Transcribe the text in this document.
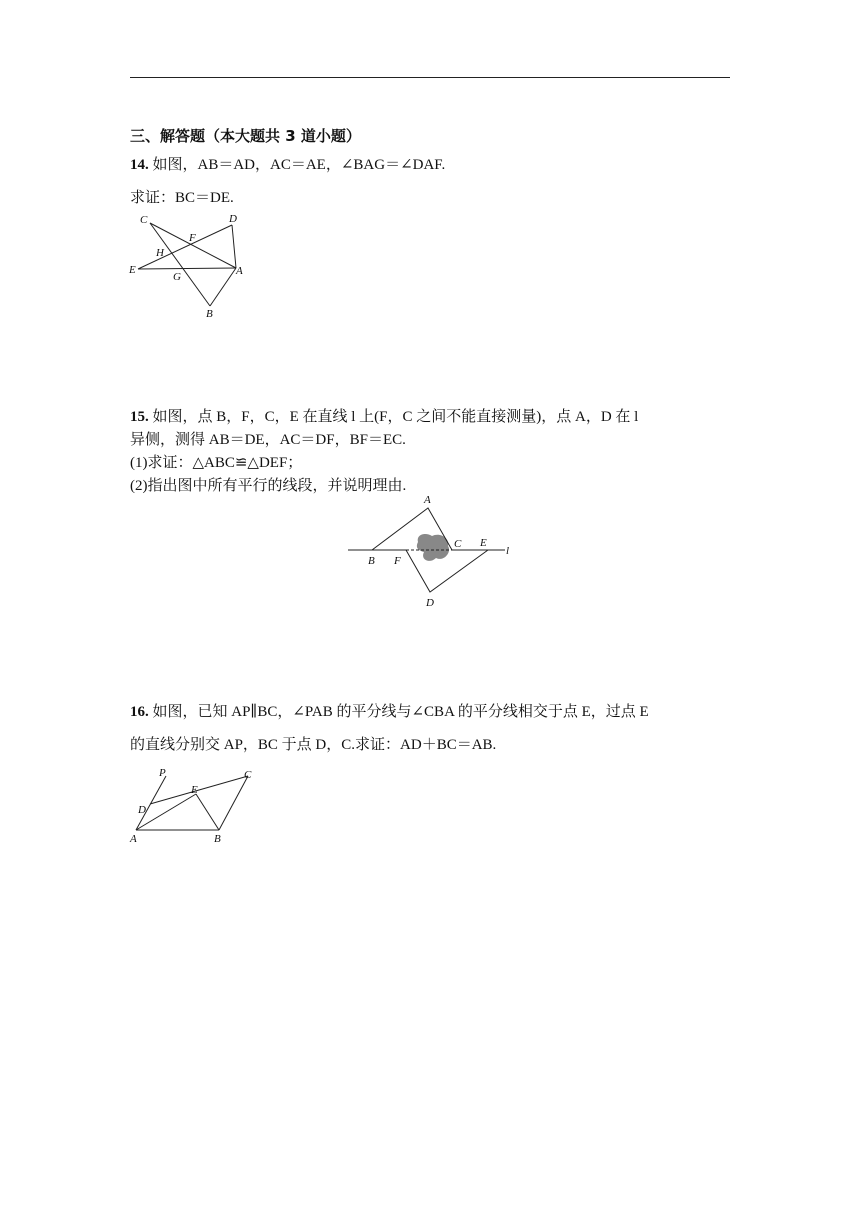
三、解答题（本大题共 3 道小题）
14. 如图，AB＝AD，AC＝AE，∠BAG＝∠DAF.
求证：BC＝DE.
C	D
F
H
E
G	A
B
15. 如图，点 B，F，C，E 在直线 l 上(F，C 之间不能直接测量)，点 A，D 在 l
异侧，测得 AB＝DE，AC＝DF，BF＝EC.
(1)求证：△ABC≌△DEF；
(2)指出图中所有平行的线段，并说明理由.
A
B F
C E
l
D
16. 如图，已知 AP∥BC，∠PAB 的平分线与∠CBA 的平分线相交于点 E，过点 E
的直线分别交 AP，BC 于点 D，C.求证：AD＋BC＝AB.
P	C
E
D
A	B
